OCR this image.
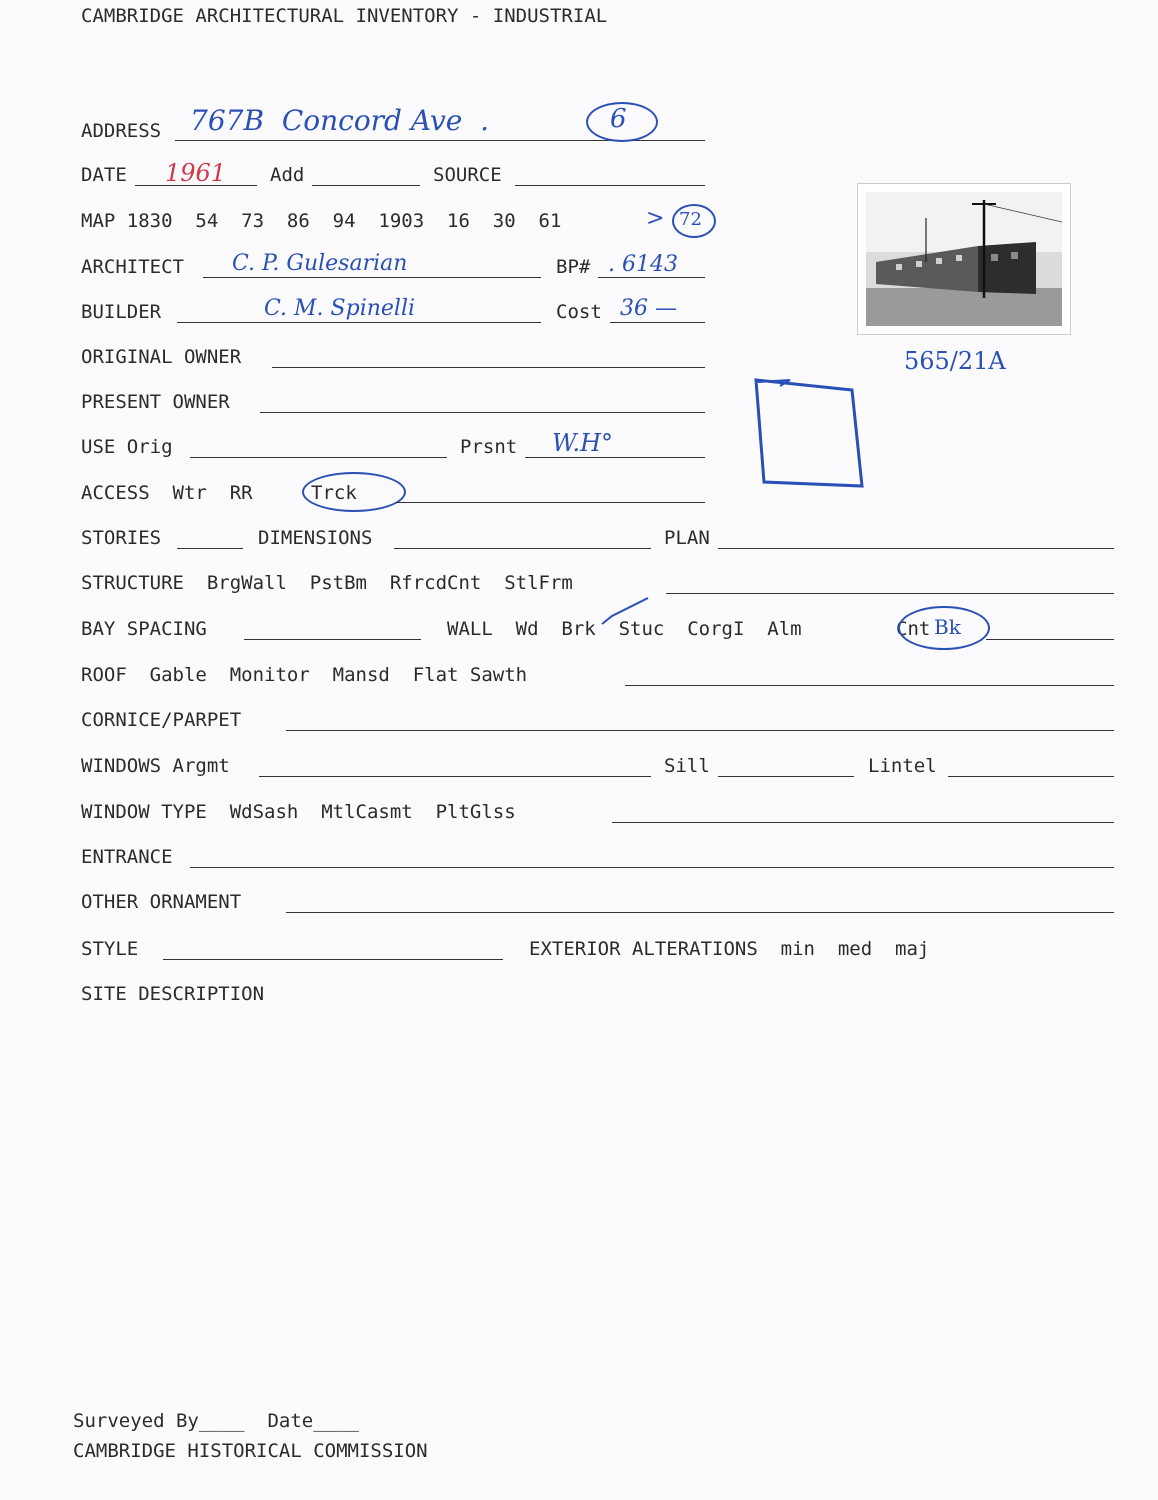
CAMBRIDGE ARCHITECTURAL INVENTORY - INDUSTRIAL
ADDRESS 767B  Concord Ave  .	6
DATE 1961 Add	SOURCE
MAP 1830  54  73  86  94  1903  16  30  61	> 72
ARCHITECT C. P. Gulesarian	BP# . 6143
BUILDER	C. M. Spinelli	Cost 36 —
565/21A
ORIGINAL OWNER
PRESENT OWNER
USE Orig	Prsnt W.H°
ACCESS  Wtr  RR	Trck
STORIES	DIMENSIONS	PLAN
STRUCTURE  BrgWall  PstBm  RfrcdCnt  StlFrm
BAY SPACING	WALL  Wd  Brk  Stuc  CorgI  Alm	Cnt Bk
ROOF  Gable  Monitor  Mansd  Flat Sawth
CORNICE/PARPET
WINDOWS Argmt	Sill	Lintel
WINDOW TYPE  WdSash  MtlCasmt  PltGlss
ENTRANCE
OTHER ORNAMENT
STYLE	EXTERIOR ALTERATIONS  min  med  maj
SITE DESCRIPTION
Surveyed By____  Date____
CAMBRIDGE HISTORICAL COMMISSION
